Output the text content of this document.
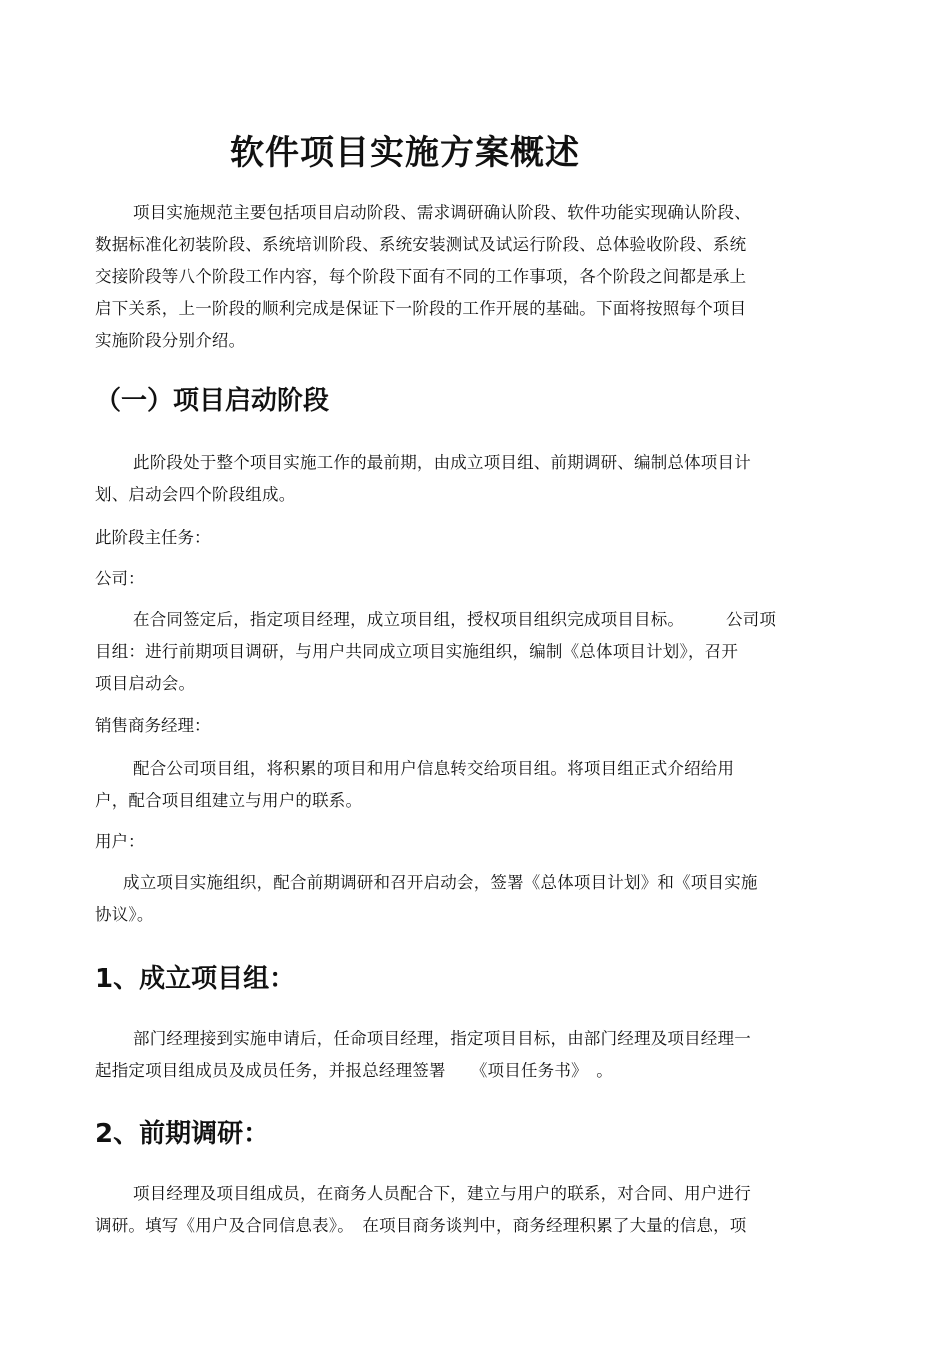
软件项目实施方案概述
项目实施规范主要包括项目启动阶段、需求调研确认阶段、软件功能实现确认阶段、
数据标准化初装阶段、系统培训阶段、系统安装测试及试运行阶段、总体验收阶段、系统
交接阶段等八个阶段工作内容，每个阶段下面有不同的工作事项，各个阶段之间都是承上
启下关系，上一阶段的顺利完成是保证下一阶段的工作开展的基础。下面将按照每个项目
实施阶段分别介绍。
（一）项目启动阶段
此阶段处于整个项目实施工作的最前期，由成立项目组、前期调研、编制总体项目计
划、启动会四个阶段组成。
此阶段主任务：
公司：
在合同签定后，指定项目经理，成立项目组，授权项目组织完成项目目标。　　　公司项
目组：进行前期项目调研，与用户共同成立项目实施组织，编制《总体项目计划》，召开
项目启动会。
销售商务经理：
配合公司项目组，将积累的项目和用户信息转交给项目组。将项目组正式介绍给用
户，配合项目组建立与用户的联系。
用户：
成立项目实施组织，配合前期调研和召开启动会，签署《总体项目计划》和《项目实施
协议》。
1、成立项目组：
部门经理接到实施申请后，任命项目经理，指定项目目标，由部门经理及项目经理一
起指定项目组成员及成员任务，并报总经理签署　　《项目任务书》　。
2、前期调研：
项目经理及项目组成员，在商务人员配合下，建立与用户的联系，对合同、用户进行
调研。填写《用户及合同信息表》。　在项目商务谈判中，商务经理积累了大量的信息，项
